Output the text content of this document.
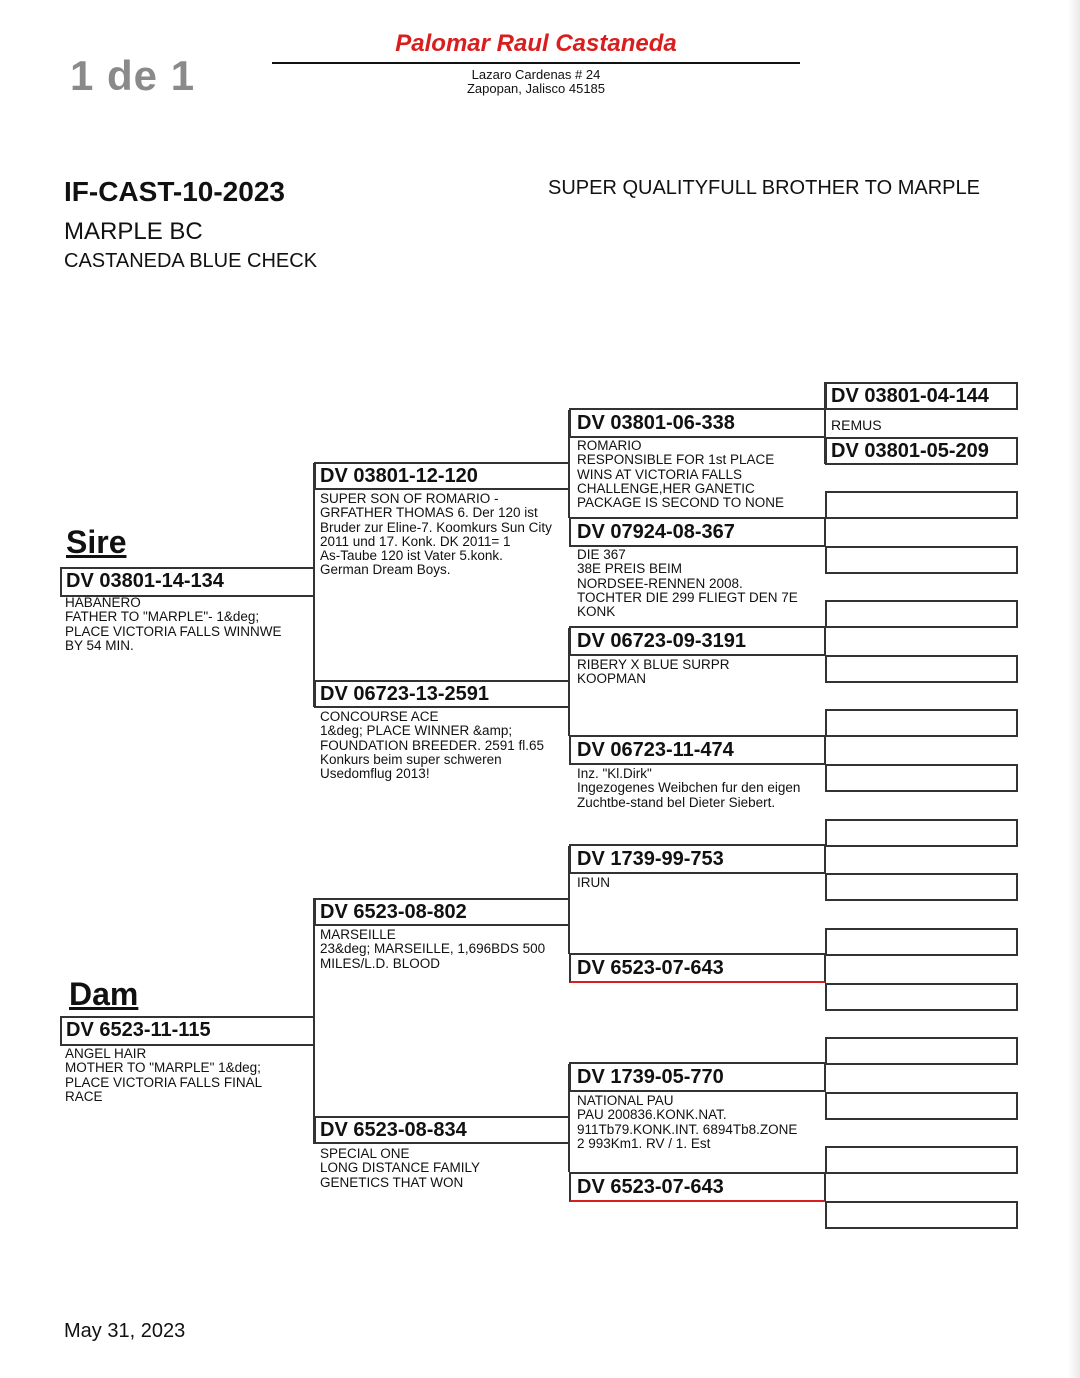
1 de 1
Palomar Raul Castaneda
Lazaro Cardenas # 24
Zapopan, Jalisco 45185
IF-CAST-10-2023
MARPLE BC
CASTANEDA BLUE CHECK
SUPER QUALITYFULL BROTHER TO MARPLE
Sire
DV 03801-14-134
HABANERO
FATHER TO "MARPLE"- 1&deg;
PLACE VICTORIA FALLS WINNWE
BY 54 MIN.
Dam
DV 6523-11-115
ANGEL HAIR
MOTHER TO "MARPLE" 1&deg;
PLACE VICTORIA FALLS FINAL
RACE
DV 03801-12-120
SUPER SON OF ROMARIO -
GRFATHER THOMAS 6. Der 120 ist
Bruder zur Eline-7. Koomkurs Sun City
2011 und 17. Konk. DK 2011= 1
As-Taube 120 ist Vater 5.konk.
German Dream Boys.
DV 06723-13-2591
CONCOURSE ACE
1&deg; PLACE WINNER &amp;
FOUNDATION BREEDER. 2591 fl.65
Konkurs beim super schweren
Usedomflug 2013!
DV 6523-08-802
MARSEILLE
23&deg; MARSEILLE, 1,696BDS 500
MILES/L.D. BLOOD
DV 6523-08-834
SPECIAL ONE
LONG DISTANCE FAMILY
GENETICS THAT WON
DV 03801-06-338
ROMARIO
RESPONSIBLE FOR 1st PLACE
WINS AT VICTORIA FALLS
CHALLENGE,HER GANETIC
PACKAGE IS SECOND TO NONE
DV 07924-08-367
DIE 367
38E PREIS BEIM
NORDSEE-RENNEN 2008.
TOCHTER DIE 299 FLIEGT DEN 7E
KONK
DV 06723-09-3191
RIBERY X BLUE SURPR
KOOPMAN
DV 06723-11-474
Inz. "Kl.Dirk"
Ingezogenes Weibchen fur den eigen
Zuchtbe-stand bel Dieter Siebert.
DV 1739-99-753
IRUN
DV 6523-07-643
DV 1739-05-770
NATIONAL PAU
PAU 200836.KONK.NAT.
911Tb79.KONK.INT. 6894Tb8.ZONE
2 993Km1. RV / 1. Est
DV 6523-07-643
DV 03801-04-144
REMUS
DV 03801-05-209
May 31, 2023
